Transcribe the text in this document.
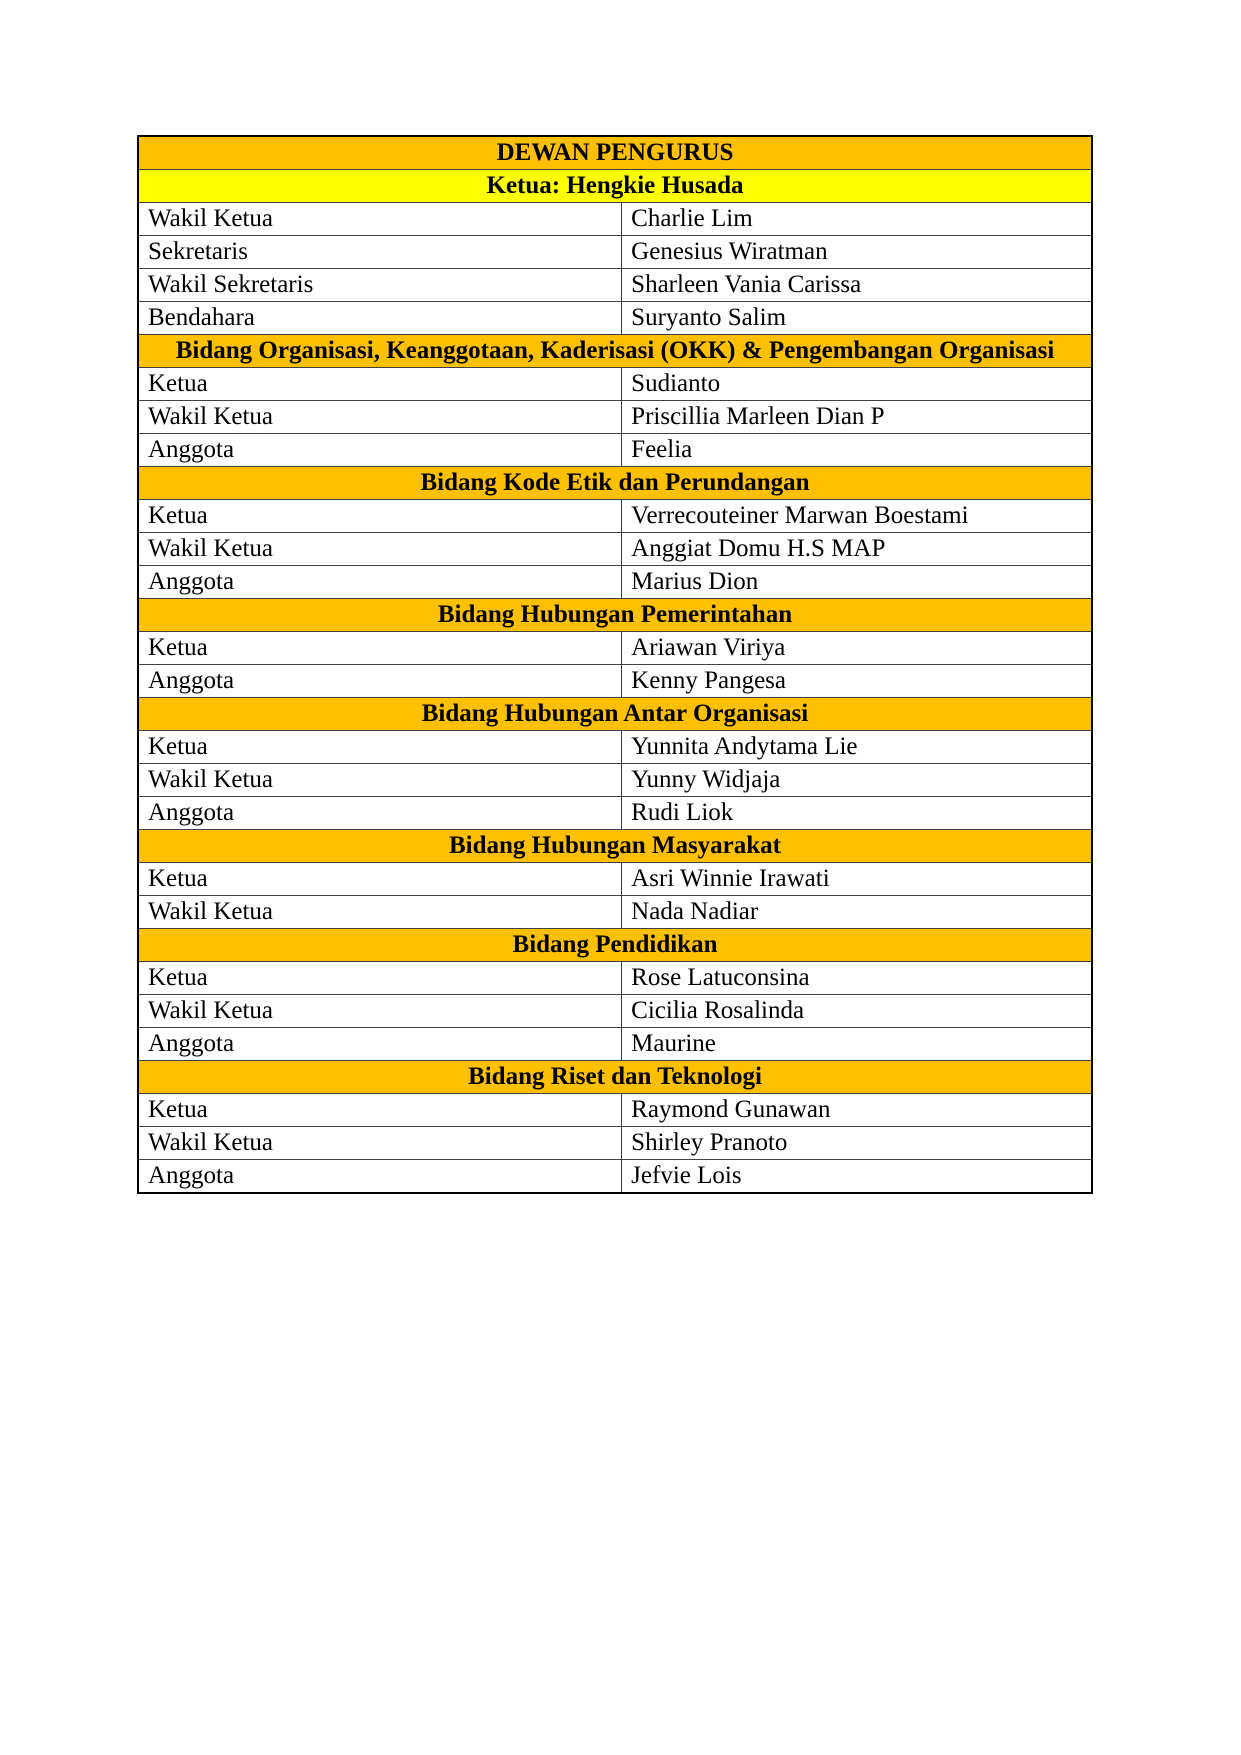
DEWAN PENGURUS	
Ketua: Hengkie Husada	
Wakil Ketua	Charlie Lim
Sekretaris	Genesius Wiratman
Wakil Sekretaris	Sharleen Vania Carissa
Bendahara	Suryanto Salim
Bidang Organisasi, Keanggotaan, Kaderisasi (OKK) & Pengembangan Organisasi	
Ketua	Sudianto
Wakil Ketua	Priscillia Marleen Dian P
Anggota	Feelia
Bidang Kode Etik dan Perundangan	
Ketua	Verrecouteiner Marwan Boestami
Wakil Ketua	Anggiat Domu H.S MAP
Anggota	Marius Dion
Bidang Hubungan Pemerintahan	
Ketua	Ariawan Viriya
Anggota	Kenny Pangesa
Bidang Hubungan Antar Organisasi	
Ketua	Yunnita Andytama Lie
Wakil Ketua	Yunny Widjaja
Anggota	Rudi Liok
Bidang Hubungan Masyarakat	
Ketua	Asri Winnie Irawati
Wakil Ketua	Nada Nadiar
Bidang Pendidikan	
Ketua	Rose Latuconsina
Wakil Ketua	Cicilia Rosalinda
Anggota	Maurine
Bidang Riset dan Teknologi	
Ketua	Raymond Gunawan
Wakil Ketua	Shirley Pranoto
Anggota	Jefvie Lois
